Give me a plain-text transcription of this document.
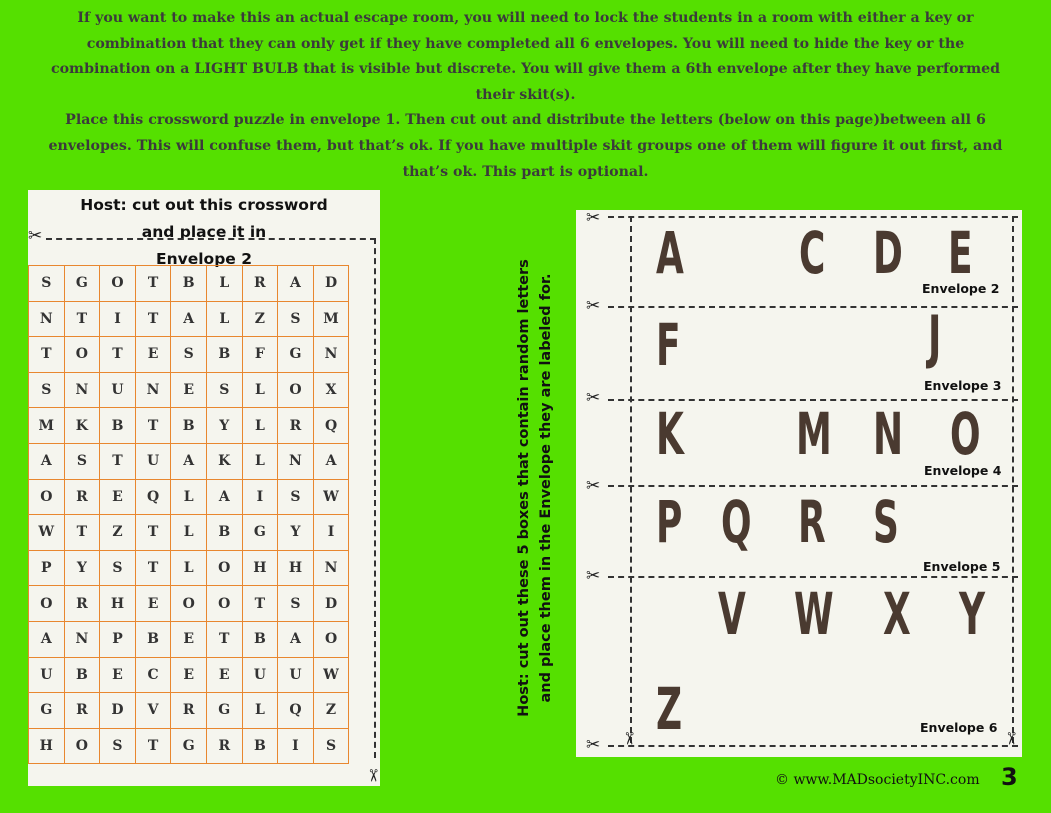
If you want to make this an actual escape room, you will need to lock the students in a room with either a key or combination that they can only get if they have completed all 6 envelopes. You will need to hide the key or the combination on a LIGHT BULB that is visible but discrete. You will give them a 6th envelope after they have performed their skit(s).

Place this crossword puzzle in envelope 1. Then cut out and distribute the letters (below on this page)between all 6 envelopes. This will confuse them, but that’s ok. If you have multiple skit groups one of them will figure it out first, and that’s ok. This part is optional.

Host: cut out this crossword
and place it in
Envelope 2
✂
✂
S	G	O	T	B	L	R	A	D
N	T	I	T	A	L	Z	S	M
T	O	T	E	S	B	F	G	N
S	N	U	N	E	S	L	O	X
M	K	B	T	B	Y	L	R	Q
A	S	T	U	A	K	L	N	A
O	R	E	Q	L	A	I	S	W
W	T	Z	T	L	B	G	Y	I
P	Y	S	T	L	O	H	H	N
O	R	H	E	O	O	T	S	D
A	N	P	B	E	T	B	A	O
U	B	E	C	E	E	U	U	W
G	R	D	V	R	G	L	Q	Z
H	O	S	T	G	R	B	I	S
Host: cut out these 5 boxes that contain random letters and place them in the Envelope they are labeled for.
✂
✂
✂
✂
✂
✂ ✂	✂
A C D E
Envelope 2
F	J
Envelope 3
K M N O
Envelope 4
P Q R S
Envelope 5
V W X Y
Z	Envelope 6
© www.MADsocietyINC.com 3
